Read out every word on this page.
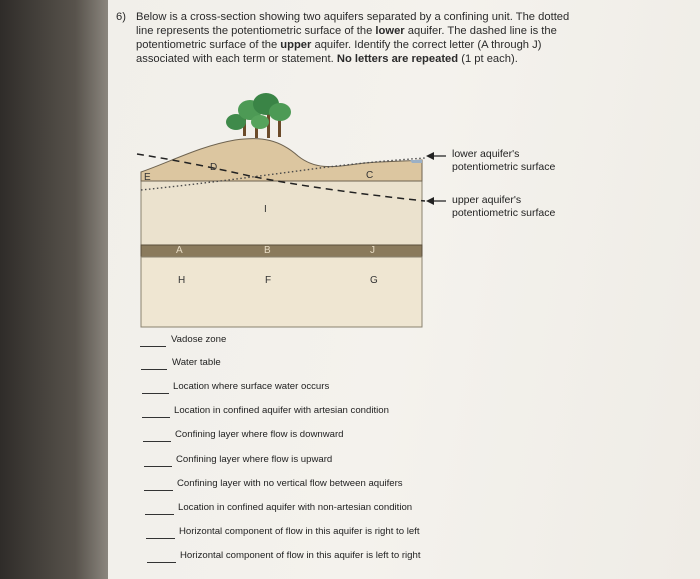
6) Below is a cross-section showing two aquifers separated by a confining unit. The dotted line represents the potentiometric surface of the lower aquifer. The dashed line is the potentiometric surface of the upper aquifer. Identify the correct letter (A through J) associated with each term or statement. No letters are repeated (1 pt each).
D
C
E
I
A	B	J
H	F	G
lower aquifer's potentiometric surface
upper aquifer's potentiometric surface
Vadose zone
Water table
Location where surface water occurs
Location in confined aquifer with artesian condition
Confining layer where flow is downward
Confining layer where flow is upward
Confining layer with no vertical flow between aquifers
Location in confined aquifer with non-artesian condition
Horizontal component of flow in this aquifer is right to left
Horizontal component of flow in this aquifer is left to right
